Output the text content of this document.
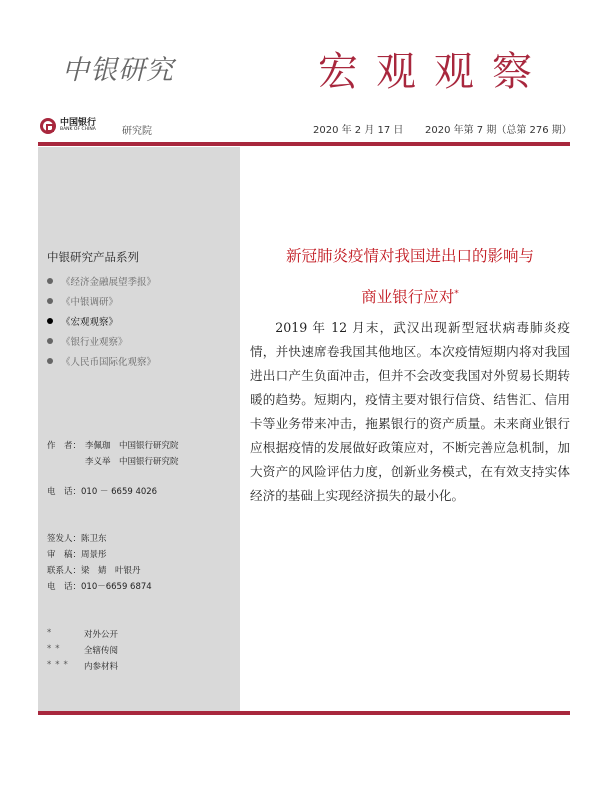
中银研究	宏观观察
中国银行
BANK OF CHINA	研究院	2020 年 2 月 17 日 2020 年第 7 期（总第 276 期）
中银研究产品系列
《经济金融展望季报》
《中银调研》
《宏观观察》
《银行业观察》
《人民币国际化观察》
作　者： 李佩珈　中国银行研究院
李义举　中国银行研究院
电　话：010 － 6659 4026
签发人：陈卫东
审　稿：周景彤
联系人：梁　婧　叶银丹
电　话：010－6659 6874
*	对外公开
** 全辖传阅
*** 内参材料
新冠肺炎疫情对我国进出口的影响与
商业银行应对*

2019 年 12 月末，武汉出现新型冠状病毒肺炎疫情，并快速席卷我国其他地区。本次疫情短期内将对我国进出口产生负面冲击，但并不会改变我国对外贸易长期转暖的趋势。短期内，疫情主要对银行信贷、结售汇、信用卡等业务带来冲击，拖累银行的资产质量。未来商业银行应根据疫情的发展做好政策应对，不断完善应急机制，加大资产的风险评估力度，创新业务模式，在有效支持实体经济的基础上实现经济损失的最小化。
